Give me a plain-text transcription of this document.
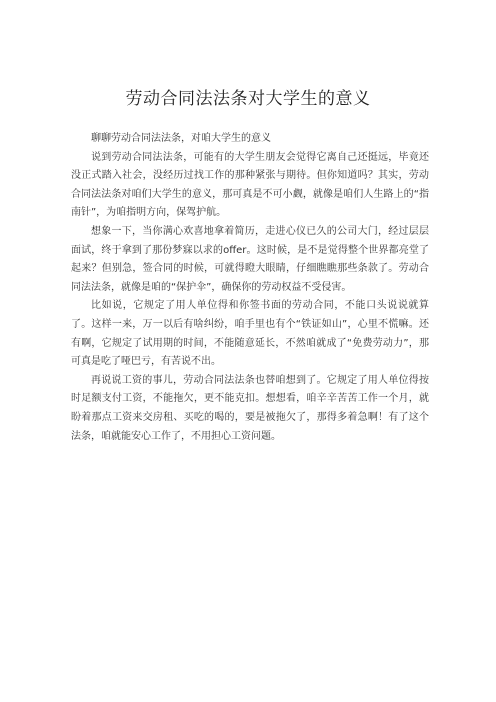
劳动合同法法条对大学生的意义

聊聊劳动合同法法条，对咱大学生的意义

说到劳动合同法法条，可能有的大学生朋友会觉得它离自己还挺远，毕竟还没正式踏入社会，没经历过找工作的那种紧张与期待。但你知道吗？其实，劳动合同法法条对咱们大学生的意义，那可真是不可小觑，就像是咱们人生路上的“指南针”，为咱指明方向，保驾护航。

想象一下，当你满心欢喜地拿着简历，走进心仪已久的公司大门，经过层层面试，终于拿到了那份梦寐以求的offer。这时候，是不是觉得整个世界都亮堂了起来？但别急，签合同的时候，可就得瞪大眼睛，仔细瞧瞧那些条款了。劳动合同法法条，就像是咱的“保护伞”，确保你的劳动权益不受侵害。

比如说，它规定了用人单位得和你签书面的劳动合同，不能口头说说就算了。这样一来，万一以后有啥纠纷，咱手里也有个“铁证如山”，心里不慌嘛。还有啊，它规定了试用期的时间，不能随意延长，不然咱就成了“免费劳动力”，那可真是吃了哑巴亏，有苦说不出。

再说说工资的事儿，劳动合同法法条也替咱想到了。它规定了用人单位得按时足额支付工资，不能拖欠，更不能克扣。想想看，咱辛辛苦苦工作一个月，就盼着那点工资来交房租、买吃的喝的，要是被拖欠了，那得多着急啊！有了这个法条，咱就能安心工作了，不用担心工资问题。
